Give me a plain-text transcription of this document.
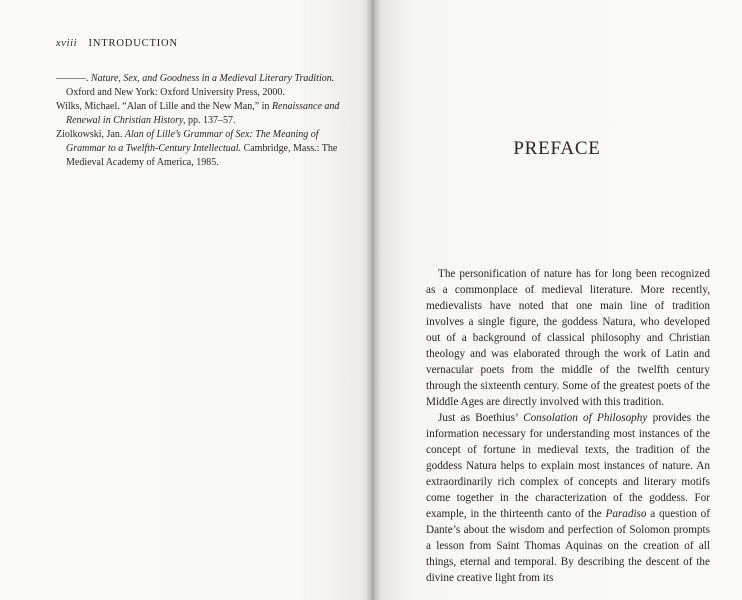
xviii INTRODUCTION

———. Nature, Sex, and Goodness in a Medieval Literary Tradition. Oxford and New York: Oxford University Press, 2000.

Wilks, Michael. “Alan of Lille and the New Man,” in Renaissance and Renewal in Christian History, pp. 137–57.

Ziolkowski, Jan. Alan of Lille’s Grammar of Sex: The Meaning of Grammar to a Twelfth-Century Intellectual. Cambridge, Mass.: The Medieval Academy of America, 1985.

PREFACE

The personification of nature has for long been recognized as a commonplace of medieval literature. More recently, medievalists have noted that one main line of tradition involves a single figure, the goddess Natura, who developed out of a background of classical philosophy and Christian theology and was elaborated through the work of Latin and vernacular poets from the middle of the twelfth century through the sixteenth century. Some of the greatest poets of the Middle Ages are directly involved with this tradition.

Just as Boethius’ Consolation of Philosophy provides the information necessary for understanding most instances of the concept of fortune in medieval texts, the tradition of the goddess Natura helps to explain most instances of nature. An extraordinarily rich complex of concepts and literary motifs come together in the characterization of the goddess. For example, in the thirteenth canto of the Paradiso a question of Dante’s about the wisdom and perfection of Solomon prompts a lesson from Saint Thomas Aquinas on the creation of all things, eternal and temporal. By describing the descent of the divine creative light from its
